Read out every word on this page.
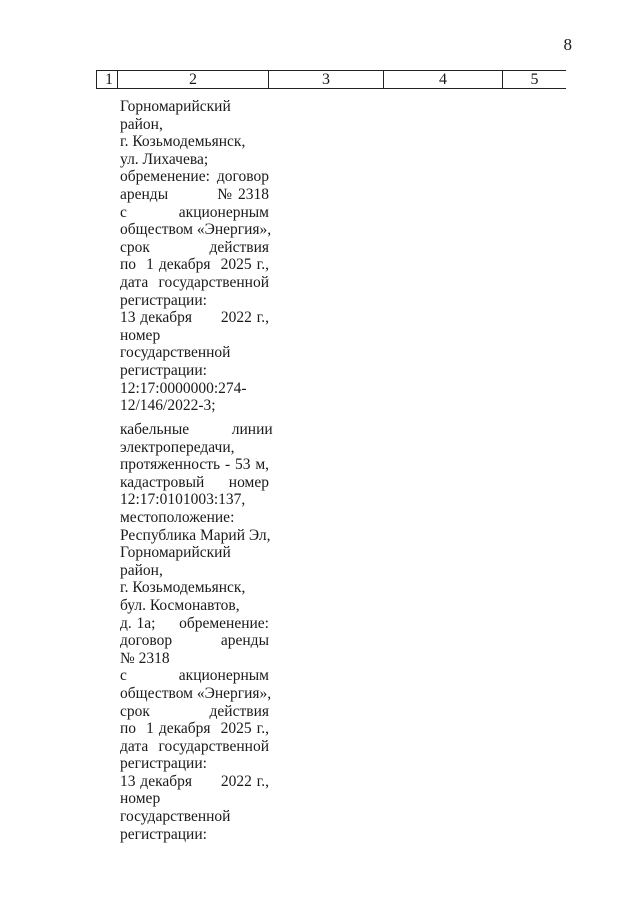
8
1	2	3	4	5
Горномарийский
район,
г. Козьмодемьянск,
ул. Лихачева;
обременение: договор
аренды          № 2318
с         акционерным
обществом «Энергия»,
срок            действия
по  1 декабря  2025 г.,
дата государственной
регистрации:
13 декабря      2022 г.,
номер
государственной
регистрации:
12:17:0000000:274-
12/146/2022-3;
кабельные           линии
электропередачи,
протяженность - 53 м,
кадастровый    номер
12:17:0101003:137,
местоположение:
Республика Марий Эл,
Горномарийский
район,
г. Козьмодемьянск,
бул. Космонавтов,
д. 1а;     обременение:
договор           аренды
№ 2318
с         акционерным
обществом «Энергия»,
срок            действия
по  1 декабря  2025 г.,
дата государственной
регистрации:
13 декабря      2022 г.,
номер
государственной
регистрации:
